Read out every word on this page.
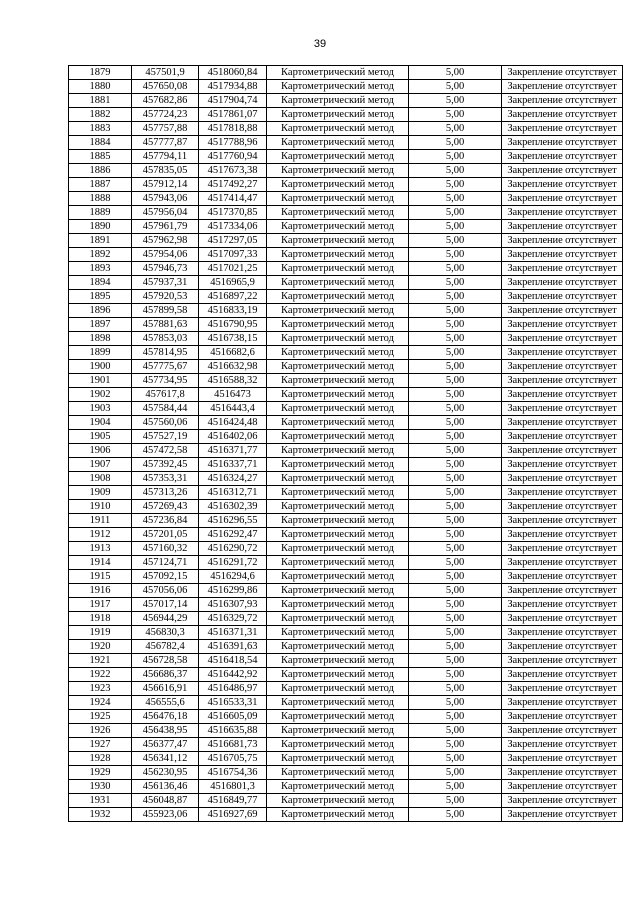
39
1879	457501,9	4518060,84	Картометрический метод	5,00	Закрепление отсутствует
1880	457650,08	4517934,88	Картометрический метод	5,00	Закрепление отсутствует
1881	457682,86	4517904,74	Картометрический метод	5,00	Закрепление отсутствует
1882	457724,23	4517861,07	Картометрический метод	5,00	Закрепление отсутствует
1883	457757,88	4517818,88	Картометрический метод	5,00	Закрепление отсутствует
1884	457777,87	4517788,96	Картометрический метод	5,00	Закрепление отсутствует
1885	457794,11	4517760,94	Картометрический метод	5,00	Закрепление отсутствует
1886	457835,05	4517673,38	Картометрический метод	5,00	Закрепление отсутствует
1887	457912,14	4517492,27	Картометрический метод	5,00	Закрепление отсутствует
1888	457943,06	4517414,47	Картометрический метод	5,00	Закрепление отсутствует
1889	457956,04	4517370,85	Картометрический метод	5,00	Закрепление отсутствует
1890	457961,79	4517334,06	Картометрический метод	5,00	Закрепление отсутствует
1891	457962,98	4517297,05	Картометрический метод	5,00	Закрепление отсутствует
1892	457954,06	4517097,33	Картометрический метод	5,00	Закрепление отсутствует
1893	457946,73	4517021,25	Картометрический метод	5,00	Закрепление отсутствует
1894	457937,31	4516965,9	Картометрический метод	5,00	Закрепление отсутствует
1895	457920,53	4516897,22	Картометрический метод	5,00	Закрепление отсутствует
1896	457899,58	4516833,19	Картометрический метод	5,00	Закрепление отсутствует
1897	457881,63	4516790,95	Картометрический метод	5,00	Закрепление отсутствует
1898	457853,03	4516738,15	Картометрический метод	5,00	Закрепление отсутствует
1899	457814,95	4516682,6	Картометрический метод	5,00	Закрепление отсутствует
1900	457775,67	4516632,98	Картометрический метод	5,00	Закрепление отсутствует
1901	457734,95	4516588,32	Картометрический метод	5,00	Закрепление отсутствует
1902	457617,8	4516473	Картометрический метод	5,00	Закрепление отсутствует
1903	457584,44	4516443,4	Картометрический метод	5,00	Закрепление отсутствует
1904	457560,06	4516424,48	Картометрический метод	5,00	Закрепление отсутствует
1905	457527,19	4516402,06	Картометрический метод	5,00	Закрепление отсутствует
1906	457472,58	4516371,77	Картометрический метод	5,00	Закрепление отсутствует
1907	457392,45	4516337,71	Картометрический метод	5,00	Закрепление отсутствует
1908	457353,31	4516324,27	Картометрический метод	5,00	Закрепление отсутствует
1909	457313,26	4516312,71	Картометрический метод	5,00	Закрепление отсутствует
1910	457269,43	4516302,39	Картометрический метод	5,00	Закрепление отсутствует
1911	457236,84	4516296,55	Картометрический метод	5,00	Закрепление отсутствует
1912	457201,05	4516292,47	Картометрический метод	5,00	Закрепление отсутствует
1913	457160,32	4516290,72	Картометрический метод	5,00	Закрепление отсутствует
1914	457124,71	4516291,72	Картометрический метод	5,00	Закрепление отсутствует
1915	457092,15	4516294,6	Картометрический метод	5,00	Закрепление отсутствует
1916	457056,06	4516299,86	Картометрический метод	5,00	Закрепление отсутствует
1917	457017,14	4516307,93	Картометрический метод	5,00	Закрепление отсутствует
1918	456944,29	4516329,72	Картометрический метод	5,00	Закрепление отсутствует
1919	456830,3	4516371,31	Картометрический метод	5,00	Закрепление отсутствует
1920	456782,4	4516391,63	Картометрический метод	5,00	Закрепление отсутствует
1921	456728,58	4516418,54	Картометрический метод	5,00	Закрепление отсутствует
1922	456686,37	4516442,92	Картометрический метод	5,00	Закрепление отсутствует
1923	456616,91	4516486,97	Картометрический метод	5,00	Закрепление отсутствует
1924	456555,6	4516533,31	Картометрический метод	5,00	Закрепление отсутствует
1925	456476,18	4516605,09	Картометрический метод	5,00	Закрепление отсутствует
1926	456438,95	4516635,88	Картометрический метод	5,00	Закрепление отсутствует
1927	456377,47	4516681,73	Картометрический метод	5,00	Закрепление отсутствует
1928	456341,12	4516705,75	Картометрический метод	5,00	Закрепление отсутствует
1929	456230,95	4516754,36	Картометрический метод	5,00	Закрепление отсутствует
1930	456136,46	4516801,3	Картометрический метод	5,00	Закрепление отсутствует
1931	456048,87	4516849,77	Картометрический метод	5,00	Закрепление отсутствует
1932	455923,06	4516927,69	Картометрический метод	5,00	Закрепление отсутствует
